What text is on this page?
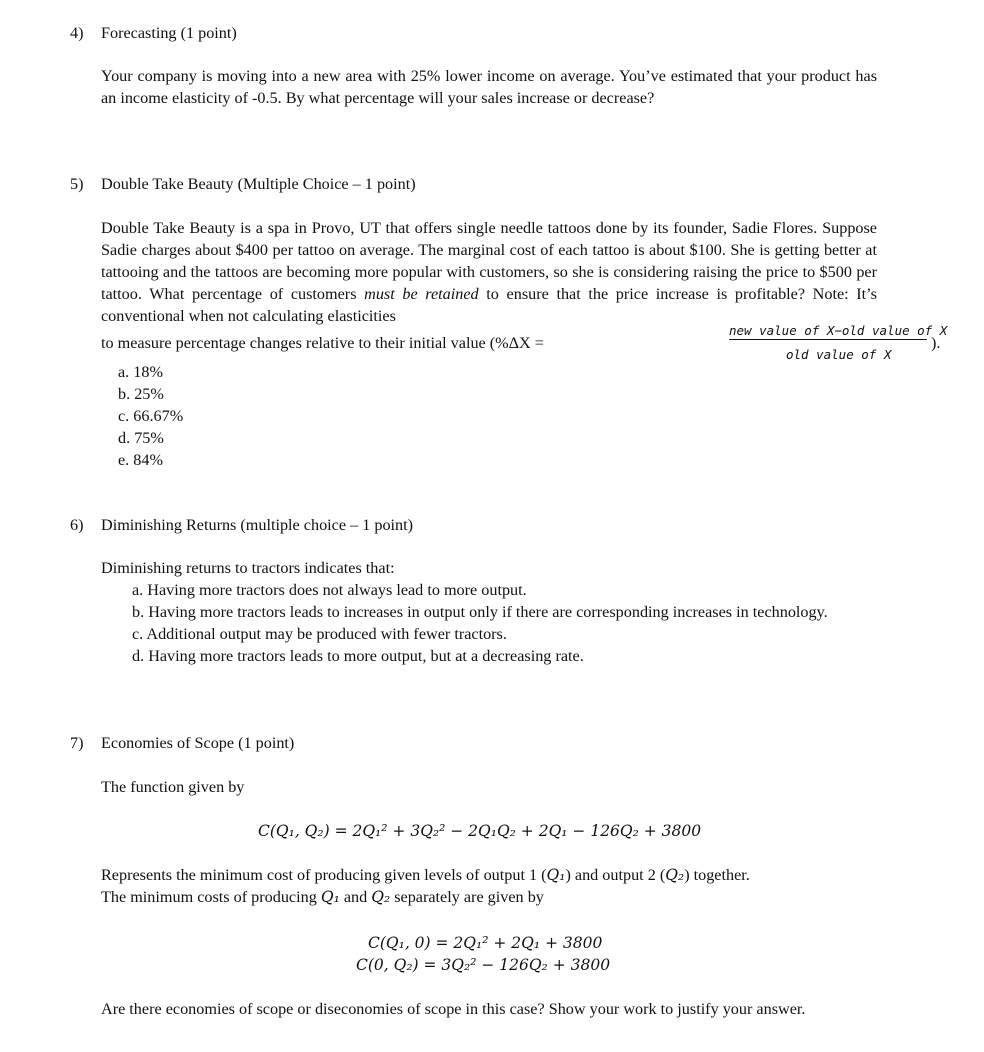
4) Forecasting (1 point)
Your company is moving into a new area with 25% lower income on average. You’ve estimated that your product has an income elasticity of -0.5. By what percentage will your sales increase or decrease?
5) Double Take Beauty (Multiple Choice – 1 point)
Double Take Beauty is a spa in Provo, UT that offers single needle tattoos done by its founder, Sadie Flores. Suppose Sadie charges about $400 per tattoo on average. The marginal cost of each tattoo is about $100. She is getting better at tattooing and the tattoos are becoming more popular with customers, so she is considering raising the price to $500 per tattoo. What percentage of customers must be retained to ensure that the price increase is profitable? Note: It’s conventional when not calculating elasticities
to measure percentage changes relative to their initial value (%ΔX =
new value of X−old value of X
old value of X
).
a. 18%
b. 25%
c. 66.67%
d. 75%
e. 84%
6) Diminishing Returns (multiple choice – 1 point)
Diminishing returns to tractors indicates that:
a. Having more tractors does not always lead to more output.
b. Having more tractors leads to increases in output only if there are corresponding increases in technology.
c. Additional output may be produced with fewer tractors.
d. Having more tractors leads to more output, but at a decreasing rate.
7) Economies of Scope (1 point)
The function given by
C(Q₁, Q₂) = 2Q₁² + 3Q₂² − 2Q₁Q₂ + 2Q₁ − 126Q₂ + 3800
Represents the minimum cost of producing given levels of output 1 (Q₁) and output 2 (Q₂) together.
The minimum costs of producing Q₁ and Q₂ separately are given by
C(Q₁, 0) = 2Q₁² + 2Q₁ + 3800
C(0, Q₂) = 3Q₂² − 126Q₂ + 3800
Are there economies of scope or diseconomies of scope in this case? Show your work to justify your answer.
